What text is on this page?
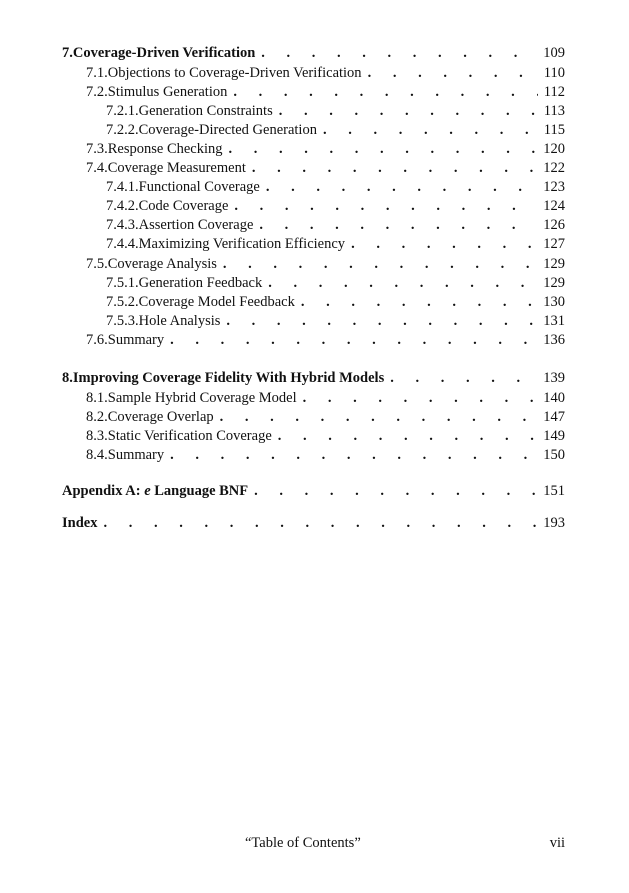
7. Coverage-Driven Verification . . .	109
7.1. Objections to Coverage-Driven Verification . . .	110
7.2. Stimulus Generation . . .	112
7.2.1. Generation Constraints . . .	113
7.2.2. Coverage-Directed Generation . . .	115
7.3. Response Checking . . .	120
7.4. Coverage Measurement . . .	122
7.4.1. Functional Coverage . . .	123
7.4.2. Code Coverage . . .	124
7.4.3. Assertion Coverage . . .	126
7.4.4. Maximizing Verification Efficiency . . .	127
7.5. Coverage Analysis . . .	129
7.5.1. Generation Feedback . . .	129
7.5.2. Coverage Model Feedback . . .	130
7.5.3. Hole Analysis . . .	131
7.6. Summary . . .	136
8. Improving Coverage Fidelity With Hybrid Models . . .	139
8.1. Sample Hybrid Coverage Model . . .	140
8.2. Coverage Overlap . . .	147
8.3. Static Verification Coverage . . .	149
8.4. Summary . . .	150
Appendix A: e Language BNF . . .	151
Index . . .	193
“Table of Contents”	vii
